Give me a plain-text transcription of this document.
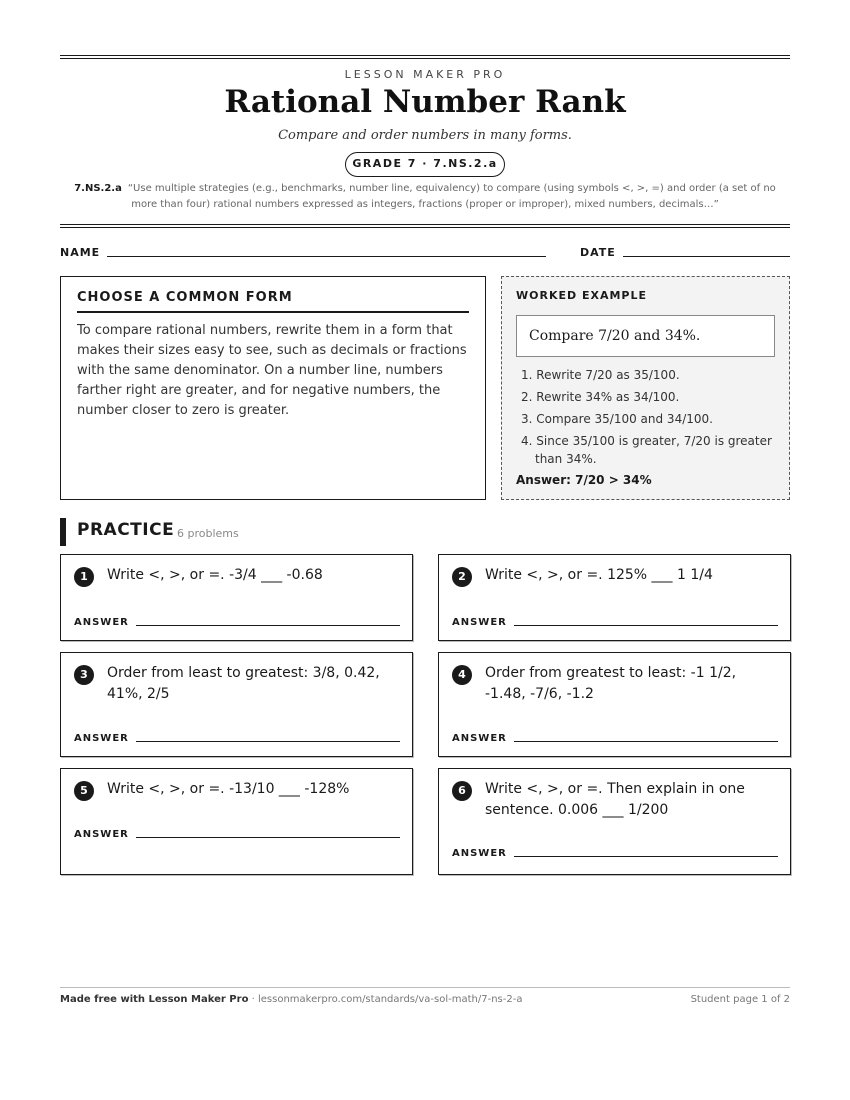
LESSON MAKER PRO
Rational Number Rank
Compare and order numbers in many forms.
GRADE 7 · 7.NS.2.a
7.NS.2.a “Use multiple strategies (e.g., benchmarks, number line, equivalency) to compare (using symbols <, >, =) and order (a set of no more than four) rational numbers expressed as integers, fractions (proper or improper), mixed numbers, decimals…”
NAME	DATE
CHOOSE A COMMON FORM

To compare rational numbers, rewrite them in a form that makes their sizes easy to see, such as decimals or fractions with the same denominator. On a number line, numbers farther right are greater, and for negative numbers, the number closer to zero is greater.

WORKED EXAMPLE
Compare 7/20 and 34%.
1. Rewrite 7/20 as 35/100.
2. Rewrite 34% as 34/100.
3. Compare 35/100 and 34/100.
4. Since 35/100 is greater, 7/20 is greater than 34%.
Answer: 7/20 > 34%
PRACTICE 6 problems
1	Write <, >, or =. -3/4 ___ -0.68
ANSWER
2	Write <, >, or =. 125% ___ 1 1/4
ANSWER
3	Order from least to greatest: 3/8, 0.42, 41%, 2/5
ANSWER
4	Order from greatest to least: -1 1/2, -1.48, -7/6, -1.2
ANSWER
5	Write <, >, or =. -13/10 ___ -128%
ANSWER
6	Write <, >, or =. Then explain in one sentence. 0.006 ___ 1/200
ANSWER
Made free with Lesson Maker Pro · lessonmakerpro.com/standards/va-sol-math/7-ns-2-a	Student page 1 of 2
